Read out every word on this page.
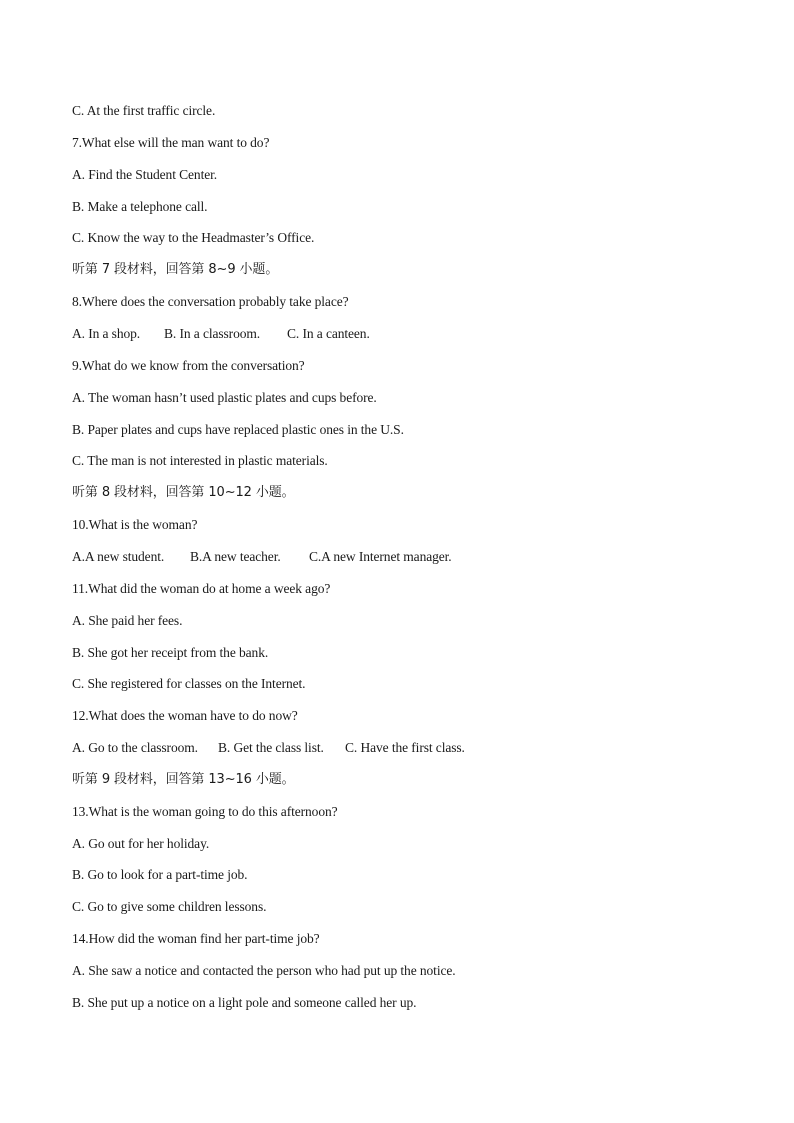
C. At the first traffic circle.
7.What else will the man want to do?
A. Find the Student Center.
B. Make a telephone call.
C. Know the way to the Headmaster’s Office.
听第 7 段材料，回答第 8~9 小题。
8.Where does the conversation probably take place?
A. In a shop. B. In a classroom. C. In a canteen.
9.What do we know from the conversation?
A. The woman hasn’t used plastic plates and cups before.
B. Paper plates and cups have replaced plastic ones in the U.S.
C. The man is not interested in plastic materials.
听第 8 段材料，回答第 10~12 小题。
10.What is the woman?
A.A new student. B.A new teacher. C.A new Internet manager.
11.What did the woman do at home a week ago?
A. She paid her fees.
B. She got her receipt from the bank.
C. She registered for classes on the Internet.
12.What does the woman have to do now?
A. Go to the classroom. B. Get the class list. C. Have the first class.
听第 9 段材料，回答第 13~16 小题。
13.What is the woman going to do this afternoon?
A. Go out for her holiday.
B. Go to look for a part-time job.
C. Go to give some children lessons.
14.How did the woman find her part-time job?
A. She saw a notice and contacted the person who had put up the notice.
B. She put up a notice on a light pole and someone called her up.
